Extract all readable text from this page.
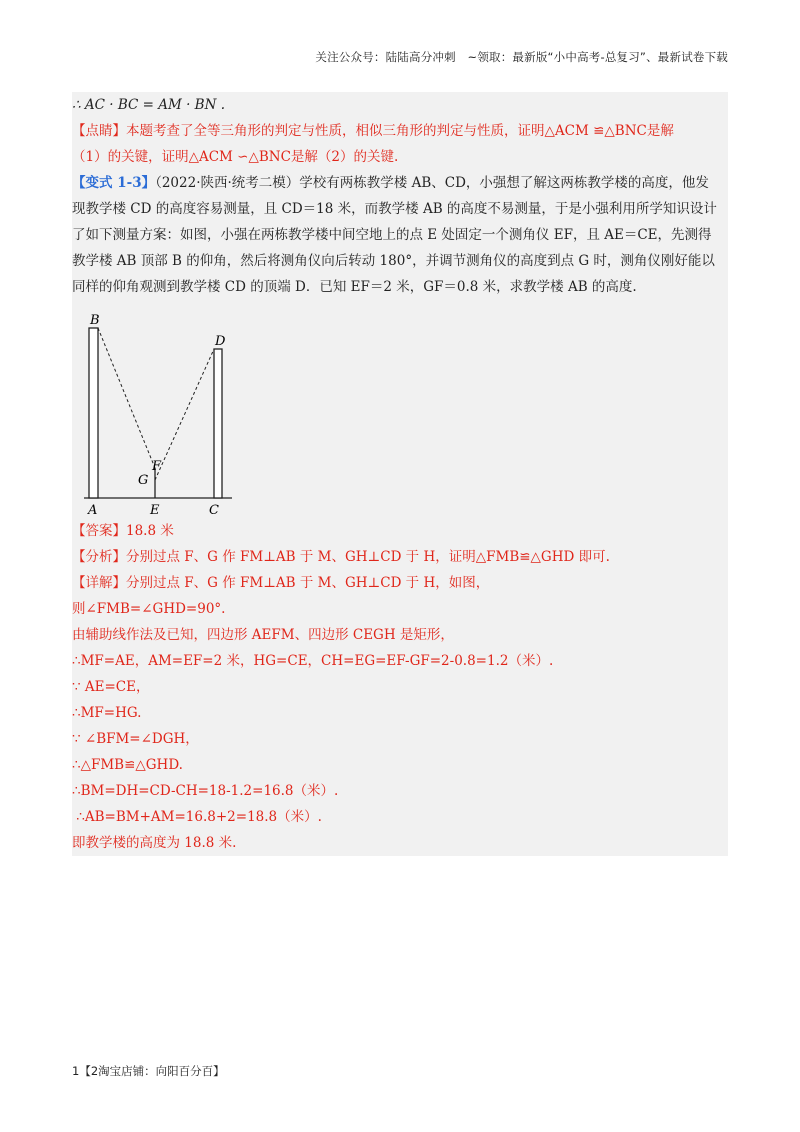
关注公众号：陆陆高分冲刺　~领取：最新版“小中高考-总复习”、最新试卷下载
∴ AC · BC = AM · BN .
【点睛】本题考查了全等三角形的判定与性质，相似三角形的判定与性质，证明△ACM ≌△BNC是解
（1）的关键，证明△ACM ∽△BNC是解（2）的关键.
【变式 1-3】（2022·陕西·统考二模）学校有两栋教学楼 AB、CD，小强想了解这两栋教学楼的高度，他发
现教学楼 CD 的高度容易测量，且 CD＝18 米，而教学楼 AB 的高度不易测量，于是小强利用所学知识设计
了如下测量方案：如图，小强在两栋教学楼中间空地上的点 E 处固定一个测角仪 EF，且 AE＝CE，先测得
教学楼 AB 顶部 B 的仰角，然后将测角仪向后转动 180°，并调节测角仪的高度到点 G 时，测角仪刚好能以
同样的仰角观测到教学楼 CD 的顶端 D．已知 EF＝2 米，GF＝0.8 米，求教学楼 AB 的高度.
B
D
F
G
A	E	C
【答案】18.8 米
【分析】分别过点 F、G 作 FM⊥AB 于 M、GH⊥CD 于 H，证明△FMB≌△GHD 即可.
【详解】分别过点 F、G 作 FM⊥AB 于 M、GH⊥CD 于 H，如图，
则∠FMB=∠GHD=90°.
由辅助线作法及已知，四边形 AEFM、四边形 CEGH 是矩形，
∴MF=AE，AM=EF=2 米，HG=CE，CH=EG=EF-GF=2-0.8=1.2（米）.
∵ AE=CE，
∴MF=HG.
∵ ∠BFM=∠DGH，
∴△FMB≌△GHD.
∴BM=DH=CD-CH=18-1.2=16.8（米）.
∴AB=BM+AM=16.8+2=18.8（米）.
即教学楼的高度为 18.8 米.
1【2淘宝店铺：向阳百分百】
